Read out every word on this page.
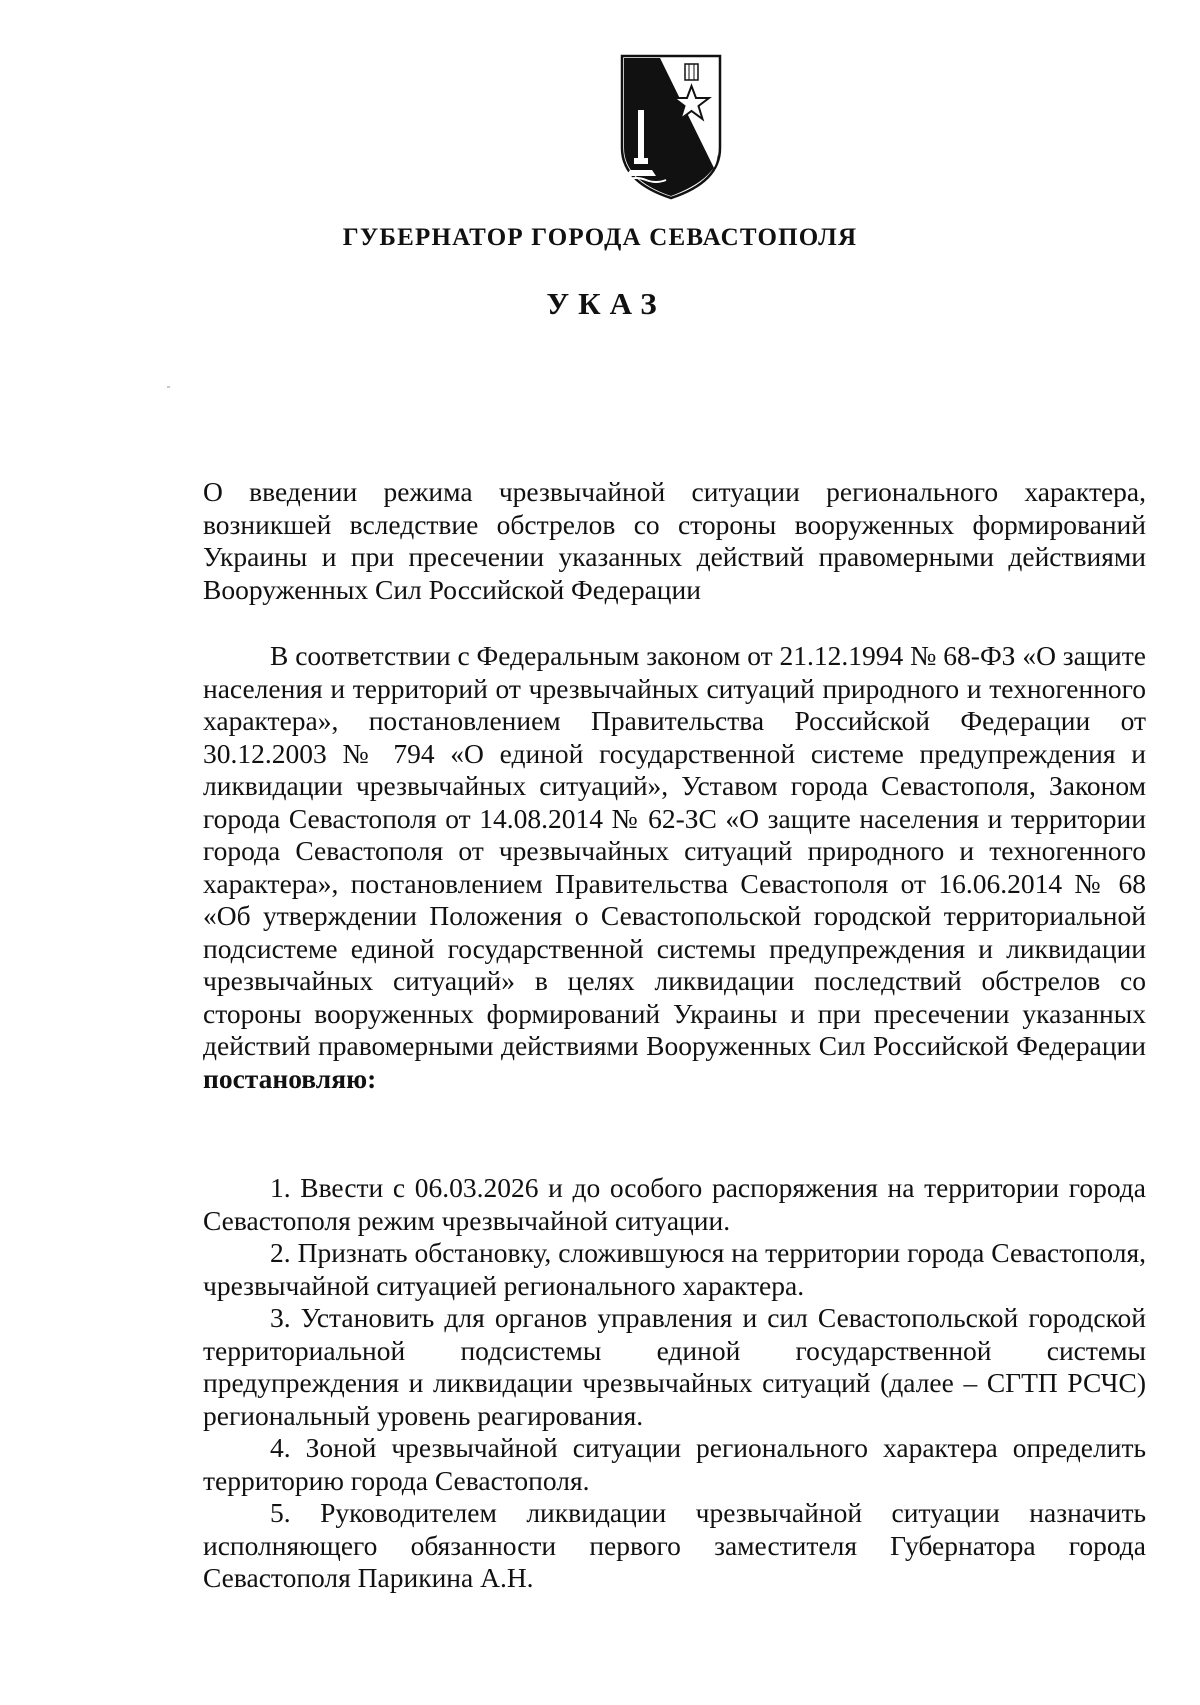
ГУБЕРНАТОР ГОРОДА СЕВАСТОПОЛЯ
УКАЗ

О введении режима чрезвычайной ситуации регионального характера, возникшей вследствие обстрелов со стороны вооруженных формирований Украины и при пресечении указанных действий правомерными действиями Вооруженных Сил Российской Федерации

В соответствии с Федеральным законом от 21.12.1994 № 68-ФЗ «О защите населения и территорий от чрезвычайных ситуаций природного и техногенного характера», постановлением Правительства Российской Федерации от 30.12.2003 № 794 «О единой государственной системе предупреждения и ликвидации чрезвычайных ситуаций», Уставом города Севастополя, Законом города Севастополя от 14.08.2014 № 62-ЗС «О защите населения и территории города Севастополя от чрезвычайных ситуаций природного и техногенного характера», постановлением Правительства Севастополя от 16.06.2014 № 68 «Об утверждении Положения о Севастопольской городской территориальной подсистеме единой государственной системы предупреждения и ликвидации чрезвычайных ситуаций» в целях ликвидации последствий обстрелов со стороны вооруженных формирований Украины и при пресечении указанных действий правомерными действиями Вооруженных Сил Российской Федерации постановляю:

1. Ввести с 06.03.2026 и до особого распоряжения на территории города Севастополя режим чрезвычайной ситуации.

2. Признать обстановку, сложившуюся на территории города Севастополя, чрезвычайной ситуацией регионального характера.

3. Установить для органов управления и сил Севастопольской городской территориальной подсистемы единой государственной системы предупреждения и ликвидации чрезвычайных ситуаций (далее – СГТП РСЧС) региональный уровень реагирования.

4. Зоной чрезвычайной ситуации регионального характера определить территорию города Севастополя.

5. Руководителем ликвидации чрезвычайной ситуации назначить исполняющего обязанности первого заместителя Губернатора города Севастополя Парикина А.Н.
